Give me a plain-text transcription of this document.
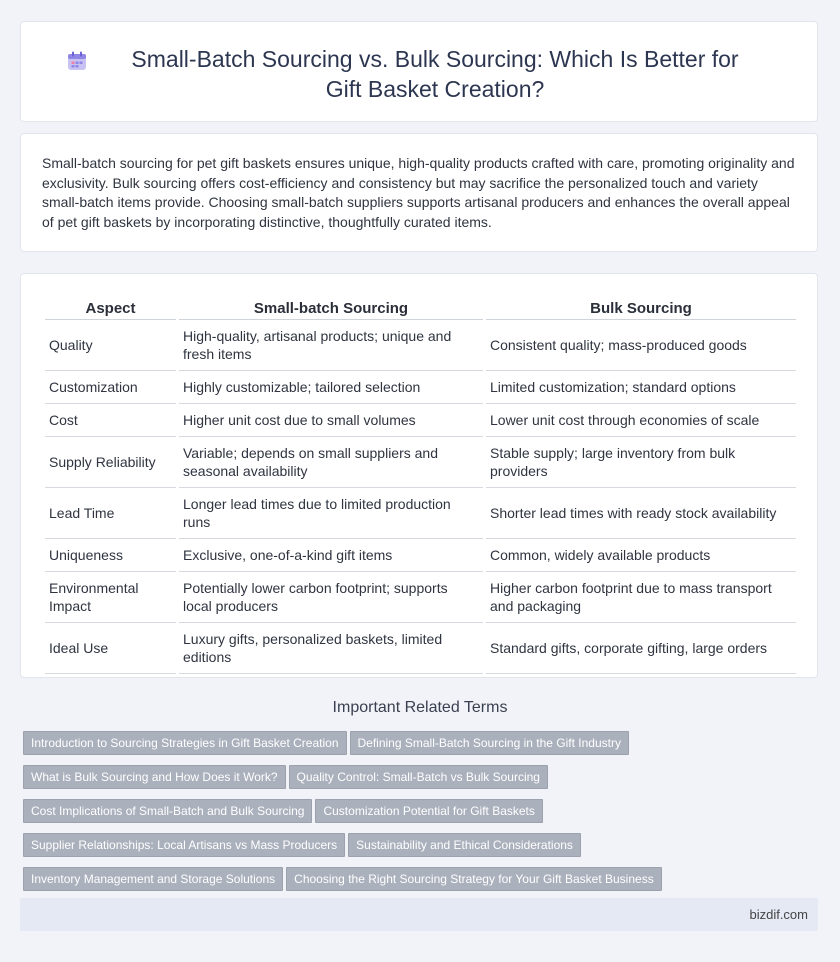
Small-Batch Sourcing vs. Bulk Sourcing: Which Is Better for Gift Basket Creation?
Small-batch sourcing for pet gift baskets ensures unique, high-quality products crafted with care, promoting originality and exclusivity. Bulk sourcing offers cost-efficiency and consistency but may sacrifice the personalized touch and variety small-batch items provide. Choosing small-batch suppliers supports artisanal producers and enhances the overall appeal of pet gift baskets by incorporating distinctive, thoughtfully curated items.
Aspect	Small-batch Sourcing	Bulk Sourcing
Quality	High-quality, artisanal products; unique and fresh items	Consistent quality; mass-produced goods
Customization	Highly customizable; tailored selection	Limited customization; standard options
Cost	Higher unit cost due to small volumes	Lower unit cost through economies of scale
Supply Reliability	Variable; depends on small suppliers and seasonal availability	Stable supply; large inventory from bulk providers
Lead Time	Longer lead times due to limited production runs	Shorter lead times with ready stock availability
Uniqueness	Exclusive, one-of-a-kind gift items	Common, widely available products
Environmental Impact	Potentially lower carbon footprint; supports local producers	Higher carbon footprint due to mass transport and packaging
Ideal Use	Luxury gifts, personalized baskets, limited editions	Standard gifts, corporate gifting, large orders
Important Related Terms
Introduction to Sourcing Strategies in Gift Basket Creation Defining Small-Batch Sourcing in the Gift Industry
What is Bulk Sourcing and How Does it Work? Quality Control: Small-Batch vs Bulk Sourcing
Cost Implications of Small-Batch and Bulk Sourcing Customization Potential for Gift Baskets
Supplier Relationships: Local Artisans vs Mass Producers Sustainability and Ethical Considerations
Inventory Management and Storage Solutions Choosing the Right Sourcing Strategy for Your Gift Basket Business
bizdif.com
